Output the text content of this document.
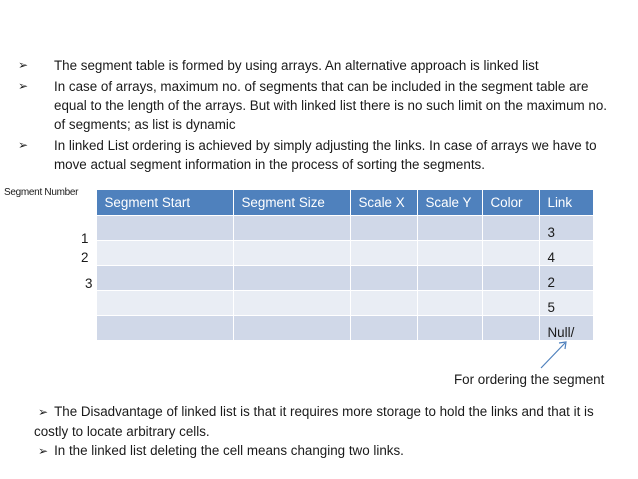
➢	The segment table is formed by using arrays. An alternative approach is linked list
➢	In case of arrays, maximum no. of segments that can be included in the segment table are equal to the length of the arrays. But with linked list there is no such limit on the maximum no. of segments; as list is dynamic
➢	In linked List ordering is achieved by simply adjusting the links. In case of arrays we have to move actual segment information in the process of sorting the segments.
Segment Number
1
2
3
Segment Start	Segment Size	Scale X	Scale Y	Color	Link
					3
					4
					2
					5
					Null/
For ordering the segment
➢ The Disadvantage of linked list is that it requires more storage to hold the links and that it is costly to locate arbitrary cells.
➢ In the linked list deleting the cell means changing two links.
